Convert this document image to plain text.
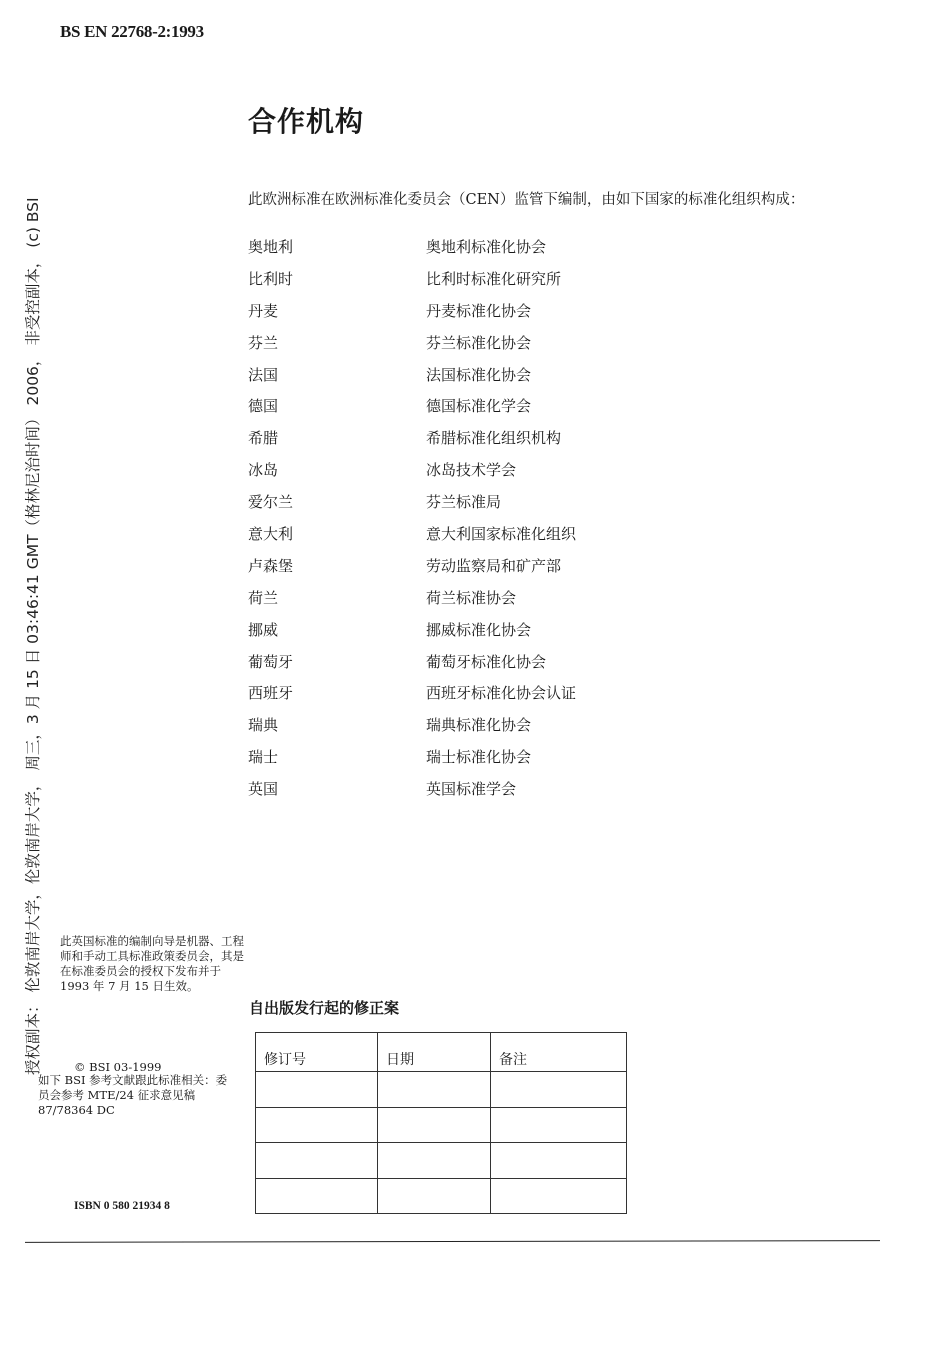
BS EN 22768-2:1993
授权副本： 伦敦南岸大学，伦敦南岸大学， 周三，3 月 15 日 03:46:41 GMT（格林尼治时间） 2006， 非受控副本， (c) BSI
合作机构
此欧洲标准在欧洲标准化委员会（CEN）监管下编制，由如下国家的标准化组织构成：
奥地利	奥地利标准化协会
比利时	比利时标准化研究所
丹麦	丹麦标准化协会
芬兰	芬兰标准化协会
法国	法国标准化协会
德国	德国标准化学会
希腊	希腊标准化组织机构
冰岛	冰岛技术学会
爱尔兰	芬兰标准局
意大利	意大利国家标准化组织
卢森堡	劳动监察局和矿产部
荷兰	荷兰标准协会
挪威	挪威标准化协会
葡萄牙	葡萄牙标准化协会
西班牙	西班牙标准化协会认证
瑞典	瑞典标准化协会
瑞士	瑞士标准化协会
英国	英国标准学会
此英国标准的编制向导是机器、工程师和手动工具标准政策委员会，其是在标准委员会的授权下发布并于 1993 年 7 月 15 日生效。
© BSI 03-1999
如下 BSI 参考文献跟此标准相关：委员会参考 MTE/24 征求意见稿 87/78364 DC
ISBN 0 580 21934 8
自出版发行起的修正案
修订号	日期	备注
